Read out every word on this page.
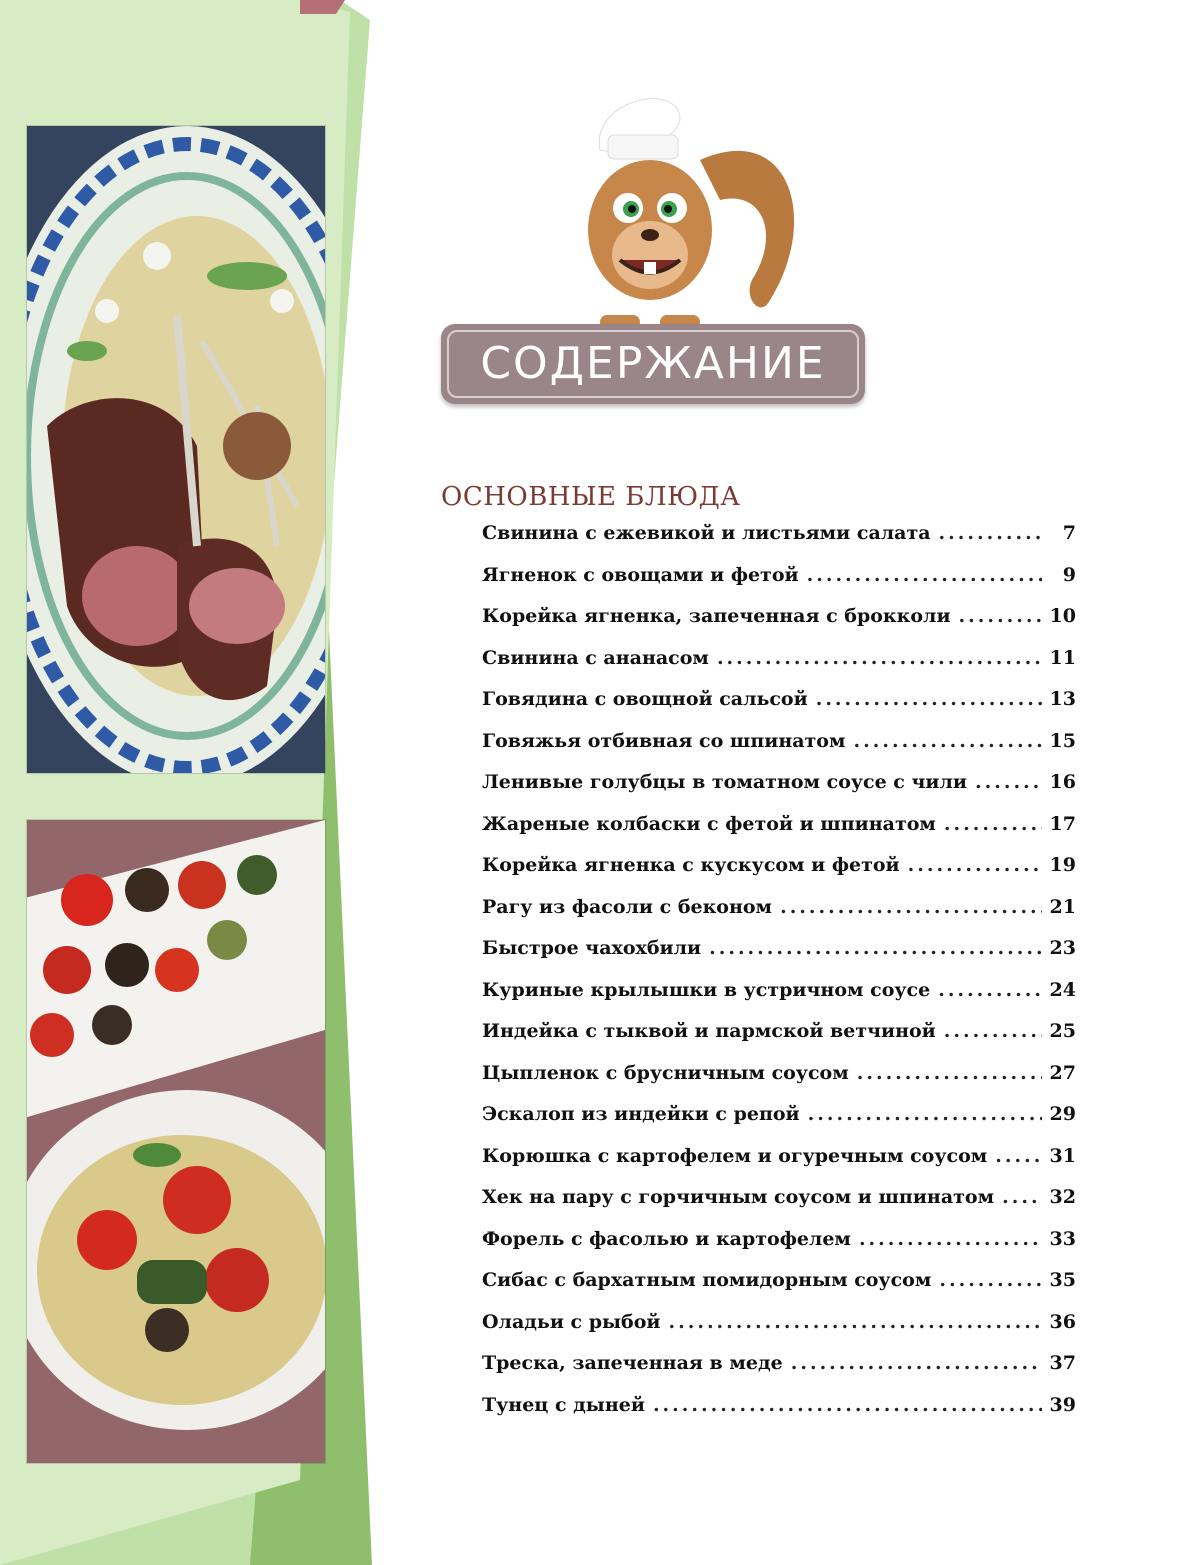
СОДЕРЖАНИЕ
ОСНОВНЫЕ БЛЮДА
Свинина с ежевикой и листьями салата .....	7
Ягненок с овощами и фетой .....	9
Корейка ягненка, запеченная с брокколи .....	10
Свинина с ананасом .....	11
Говядина с овощной сальсой .....	13
Говяжья отбивная со шпинатом .....	15
Ленивые голубцы в томатном соусе с чили .....	16
Жареные колбаски с фетой и шпинатом .....	17
Корейка ягненка с кускусом и фетой .....	19
Рагу из фасоли с беконом .....	21
Быстрое чахохбили .....	23
Куриные крылышки в устричном соусе .....	24
Индейка с тыквой и пармской ветчиной .....	25
Цыпленок с брусничным соусом .....	27
Эскалоп из индейки с репой .....	29
Корюшка с картофелем и огуречным соусом .....	31
Хек на пару с горчичным соусом и шпинатом .....	32
Форель с фасолью и картофелем .....	33
Сибас с бархатным помидорным соусом .....	35
Оладьи с рыбой .....	36
Треска, запеченная в меде .....	37
Тунец с дыней .....	39
